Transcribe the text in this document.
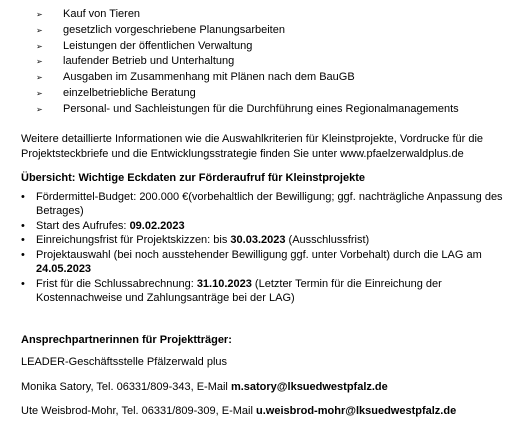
➢	Kauf von Tieren
➢	gesetzlich vorgeschriebene Planungsarbeiten
➢	Leistungen der öffentlichen Verwaltung
➢	laufender Betrieb und Unterhaltung
➢	Ausgaben im Zusammenhang mit Plänen nach dem BauGB
➢	einzelbetriebliche Beratung
➢	Personal- und Sachleistungen für die Durchführung eines Regionalmanagements
Weitere detaillierte Informationen wie die Auswahlkriterien für Kleinstprojekte, Vordrucke für die Projektsteckbriefe und die Entwicklungsstrategie finden Sie unter www.pfaelzerwaldplus.de
Übersicht: Wichtige Eckdaten zur Förderaufruf für Kleinstprojekte
•	Fördermittel-Budget: 200.000 €(vorbehaltlich der Bewilligung; ggf. nachträgliche Anpassung des Betrages)
•	Start des Aufrufes: 09.02.2023
•	Einreichungsfrist für Projektskizzen: bis 30.03.2023 (Ausschlussfrist)
•	Projektauswahl (bei noch ausstehender Bewilligung ggf. unter Vorbehalt) durch die LAG am 24.05.2023
•	Frist für die Schlussabrechnung: 31.10.2023 (Letzter Termin für die Einreichung der Kostennachweise und Zahlungsanträge bei der LAG)
Ansprechpartnerinnen für Projektträger:
LEADER-Geschäftsstelle Pfälzerwald plus
Monika Satory, Tel. 06331/809-343, E-Mail m.satory@lksuedwestpfalz.de
Ute Weisbrod-Mohr, Tel. 06331/809-309, E-Mail u.weisbrod-mohr@lksuedwestpfalz.de
